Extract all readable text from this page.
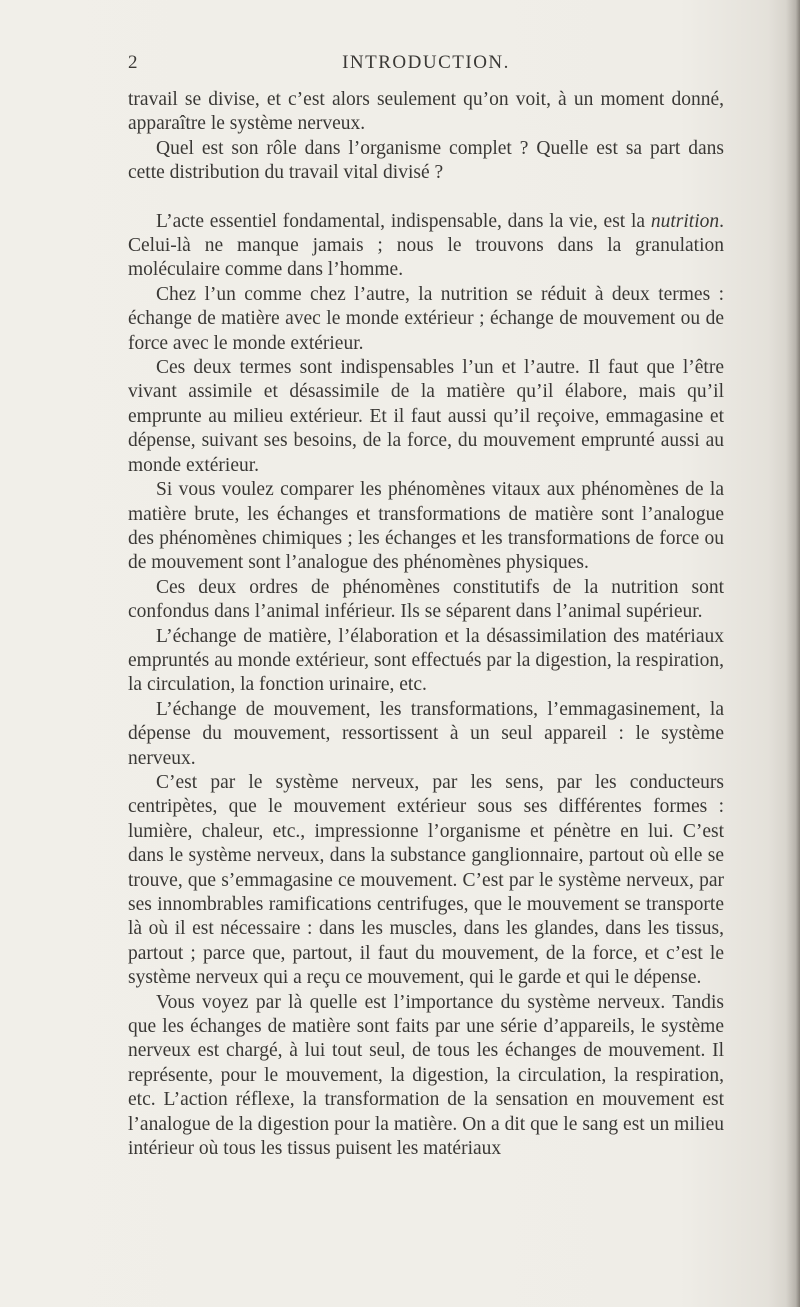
2	INTRODUCTION.

travail se divise, et c’est alors seulement qu’on voit, à un moment donné, apparaître le système nerveux.

Quel est son rôle dans l’organisme complet ? Quelle est sa part dans cette distribution du travail vital divisé ?

L’acte essentiel fondamental, indispensable, dans la vie, est la nutrition. Celui-là ne manque jamais ; nous le trouvons dans la granulation moléculaire comme dans l’homme.

Chez l’un comme chez l’autre, la nutrition se réduit à deux termes : échange de matière avec le monde extérieur ; échange de mouvement ou de force avec le monde extérieur.

Ces deux termes sont indispensables l’un et l’autre. Il faut que l’être vivant assimile et désassimile de la matière qu’il élabore, mais qu’il emprunte au milieu extérieur. Et il faut aussi qu’il reçoive, emmagasine et dépense, suivant ses besoins, de la force, du mouvement emprunté aussi au monde extérieur.

Si vous voulez comparer les phénomènes vitaux aux phénomènes de la matière brute, les échanges et transformations de matière sont l’analogue des phénomènes chimiques ; les échanges et les transformations de force ou de mouvement sont l’analogue des phénomènes physiques.

Ces deux ordres de phénomènes constitutifs de la nutrition sont confondus dans l’animal inférieur. Ils se séparent dans l’animal supérieur.

L’échange de matière, l’élaboration et la désassimilation des matériaux empruntés au monde extérieur, sont effectués par la digestion, la respiration, la circulation, la fonction urinaire, etc.

L’échange de mouvement, les transformations, l’emmagasinement, la dépense du mouvement, ressortissent à un seul appareil : le système nerveux.

C’est par le système nerveux, par les sens, par les conducteurs centripètes, que le mouvement extérieur sous ses différentes formes : lumière, chaleur, etc., impressionne l’organisme et pénètre en lui. C’est dans le système nerveux, dans la substance ganglionnaire, partout où elle se trouve, que s’emmagasine ce mouvement. C’est par le système nerveux, par ses innombrables ramifications centrifuges, que le mouvement se transporte là où il est nécessaire : dans les muscles, dans les glandes, dans les tissus, partout ; parce que, partout, il faut du mouvement, de la force, et c’est le système nerveux qui a reçu ce mouvement, qui le garde et qui le dépense.

Vous voyez par là quelle est l’importance du système nerveux. Tandis que les échanges de matière sont faits par une série d’appareils, le système nerveux est chargé, à lui tout seul, de tous les échanges de mouvement. Il représente, pour le mouvement, la digestion, la circulation, la respiration, etc. L’action réflexe, la transformation de la sensation en mouvement est l’analogue de la digestion pour la matière. On a dit que le sang est un milieu intérieur où tous les tissus puisent les matériaux
